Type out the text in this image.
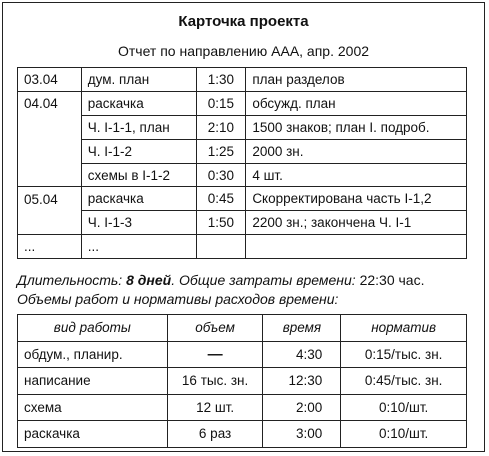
Карточка проекта
Отчет по направлению ААА, апр. 2002
03.04	дум. план	1:30	план разделов
04.04	раскачка	0:15	обсужд. план
	Ч. I-1-1, план	2:10	1500 знаков; план I. подроб.
	Ч. I-1-2	1:25	2000 зн.
	схемы в I-1-2	0:30	4 шт.
05.04	раскачка	0:45	Скорректирована часть I-1,2
	Ч. I-1-3	1:50	2200 зн.; закончена Ч. I-1
...	...		
Длительность: 8 дней. Общие затраты времени: 22:30 час.
Объемы работ и нормативы расходов времени:
вид работы	объем	время	норматив
обдум., планир.	—	4:30	0:15/тыс. зн.
написание	16 тыс. зн.	12:30	0:45/тыс. зн.
схема	12 шт.	2:00	0:10/шт.
раскачка	6 раз	3:00	0:10/шт.
